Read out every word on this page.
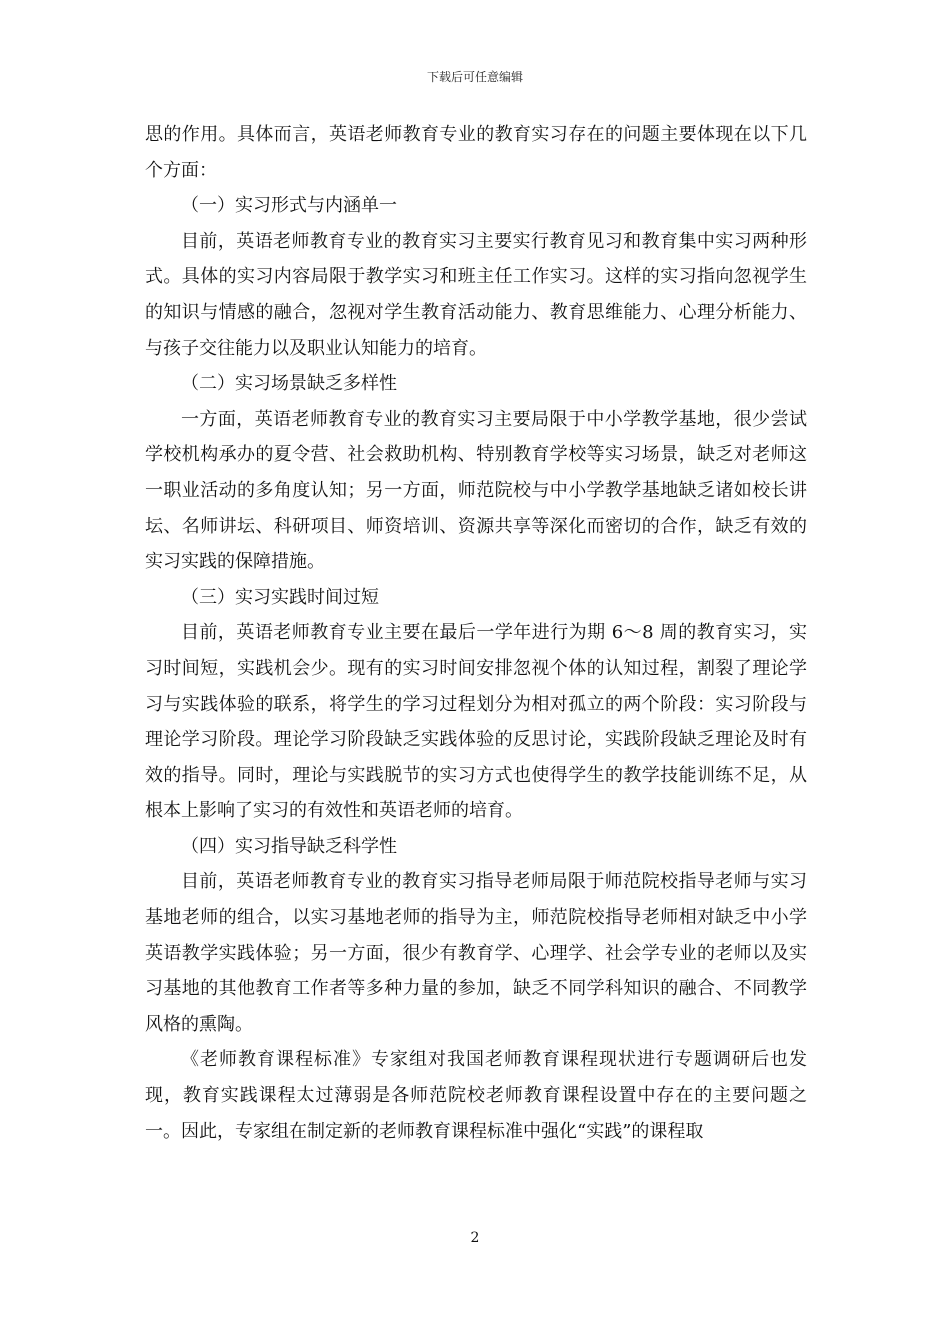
下载后可任意编辑

思的作用。具体而言，英语老师教育专业的教育实习存在的问题主要体现在以下几个方面：

（一）实习形式与内涵单一

目前，英语老师教育专业的教育实习主要实行教育见习和教育集中实习两种形式。具体的实习内容局限于教学实习和班主任工作实习。这样的实习指向忽视学生的知识与情感的融合，忽视对学生教育活动能力、教育思维能力、心理分析能力、与孩子交往能力以及职业认知能力的培育。

（二）实习场景缺乏多样性

一方面，英语老师教育专业的教育实习主要局限于中小学教学基地，很少尝试学校机构承办的夏令营、社会救助机构、特别教育学校等实习场景，缺乏对老师这一职业活动的多角度认知；另一方面，师范院校与中小学教学基地缺乏诸如校长讲坛、名师讲坛、科研项目、师资培训、资源共享等深化而密切的合作，缺乏有效的实习实践的保障措施。

（三）实习实践时间过短

目前，英语老师教育专业主要在最后一学年进行为期 6～8 周的教育实习，实习时间短，实践机会少。现有的实习时间安排忽视个体的认知过程，割裂了理论学习与实践体验的联系，将学生的学习过程划分为相对孤立的两个阶段：实习阶段与理论学习阶段。理论学习阶段缺乏实践体验的反思讨论，实践阶段缺乏理论及时有效的指导。同时，理论与实践脱节的实习方式也使得学生的教学技能训练不足，从根本上影响了实习的有效性和英语老师的培育。

（四）实习指导缺乏科学性

目前，英语老师教育专业的教育实习指导老师局限于师范院校指导老师与实习基地老师的组合，以实习基地老师的指导为主，师范院校指导老师相对缺乏中小学英语教学实践体验；另一方面，很少有教育学、心理学、社会学专业的老师以及实习基地的其他教育工作者等多种力量的参加，缺乏不同学科知识的融合、不同教学风格的熏陶。

《老师教育课程标准》专家组对我国老师教育课程现状进行专题调研后也发现，教育实践课程太过薄弱是各师范院校老师教育课程设置中存在的主要问题之一。因此，专家组在制定新的老师教育课程标准中强化“实践”的课程取

2
